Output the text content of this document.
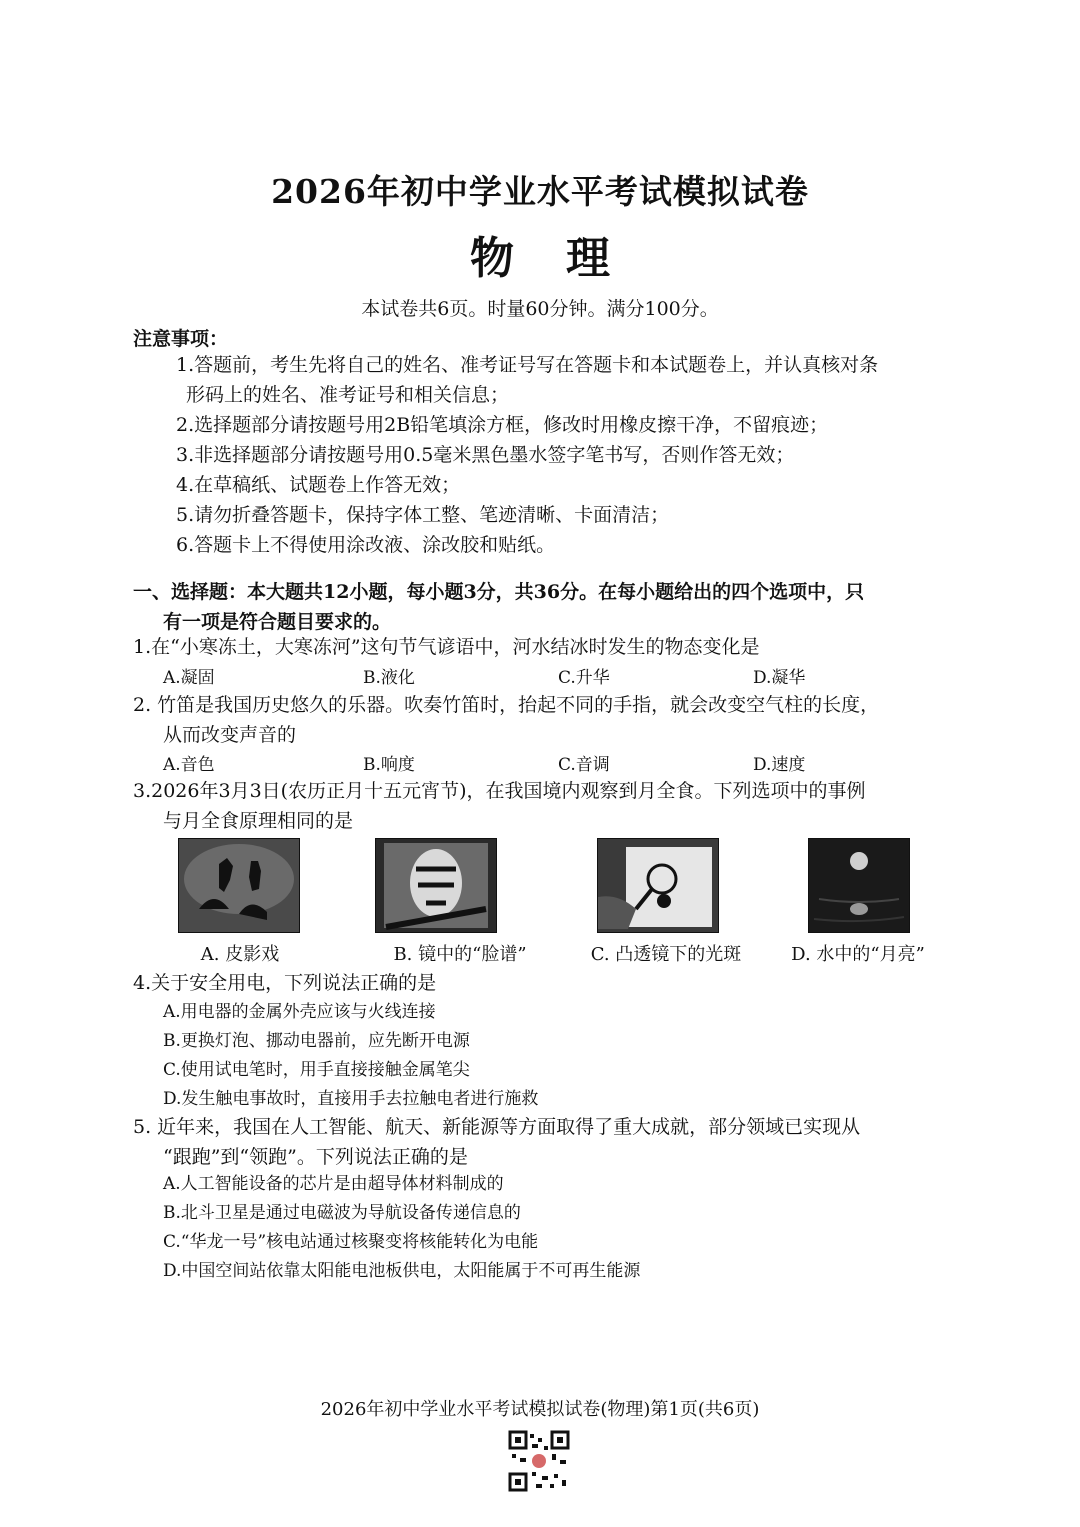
2026年初中学业水平考试模拟试卷
物理
本试卷共6页。时量60分钟。满分100分。
注意事项：
1.答题前，考生先将自己的姓名、准考证号写在答题卡和本试题卷上，并认真核对条
形码上的姓名、准考证号和相关信息；
2.选择题部分请按题号用2B铅笔填涂方框，修改时用橡皮擦干净，不留痕迹；
3.非选择题部分请按题号用0.5毫米黑色墨水签字笔书写，否则作答无效；
4.在草稿纸、试题卷上作答无效；
5.请勿折叠答题卡，保持字体工整、笔迹清晰、卡面清洁；
6.答题卡上不得使用涂改液、涂改胶和贴纸。
一、选择题：本大题共12小题，每小题3分，共36分。在每小题给出的四个选项中，只
有一项是符合题目要求的。
1.在“小寒冻土，大寒冻河”这句节气谚语中，河水结冰时发生的物态变化是
A.凝固	B.液化	C.升华	D.凝华
2. 竹笛是我国历史悠久的乐器。吹奏竹笛时，抬起不同的手指，就会改变空气柱的长度，
从而改变声音的
A.音色	B.响度	C.音调	D.速度
3.2026年3月3日(农历正月十五元宵节)，在我国境内观察到月全食。下列选项中的事例
与月全食原理相同的是
A. 皮影戏	B. 镜中的“脸谱”	C. 凸透镜下的光斑	D. 水中的“月亮”
4.关于安全用电，下列说法正确的是
A.用电器的金属外壳应该与火线连接
B.更换灯泡、挪动电器前，应先断开电源
C.使用试电笔时，用手直接接触金属笔尖
D.发生触电事故时，直接用手去拉触电者进行施救
5. 近年来，我国在人工智能、航天、新能源等方面取得了重大成就，部分领域已实现从
“跟跑”到“领跑”。下列说法正确的是
A.人工智能设备的芯片是由超导体材料制成的
B.北斗卫星是通过电磁波为导航设备传递信息的
C.“华龙一号”核电站通过核聚变将核能转化为电能
D.中国空间站依靠太阳能电池板供电，太阳能属于不可再生能源
2026年初中学业水平考试模拟试卷(物理)第1页(共6页)
